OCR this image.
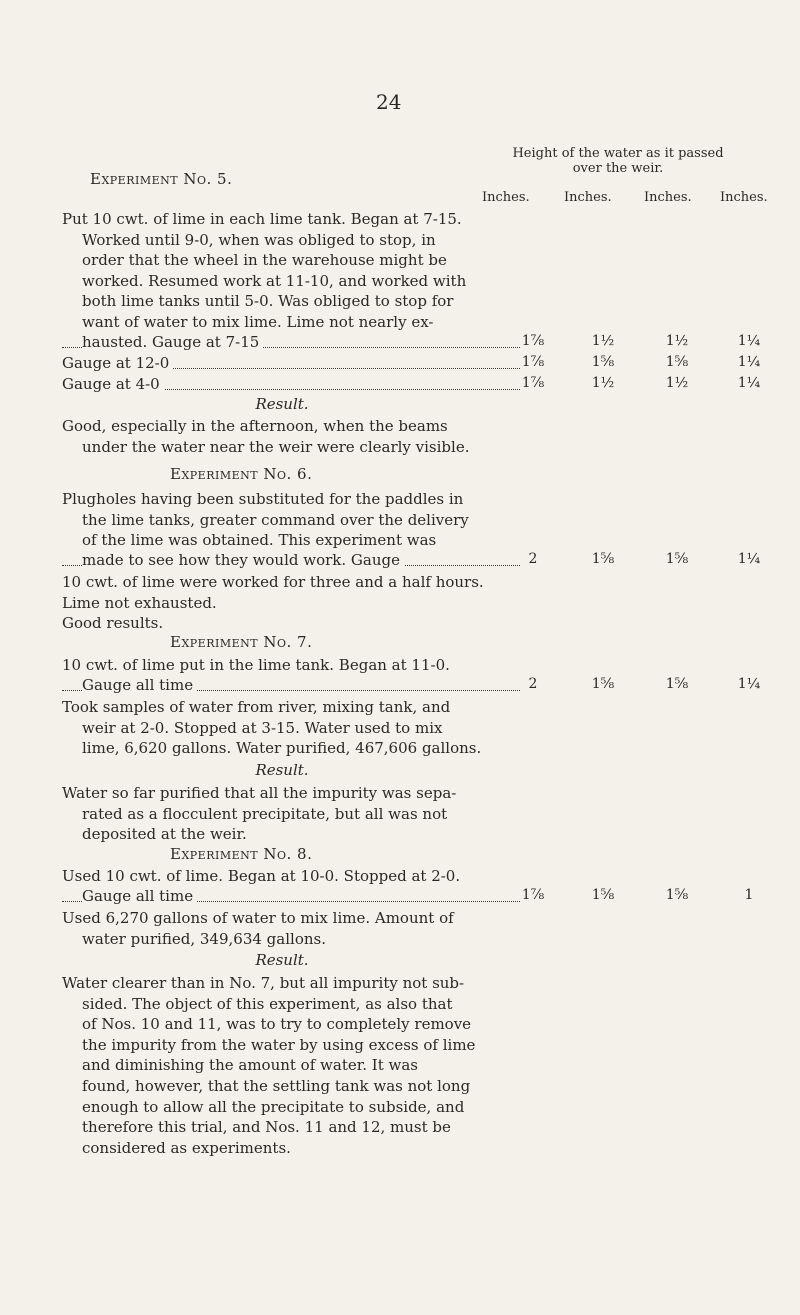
24
Height of the water as it passed
over the weir.
Experiment No. 5.
Inches.	Inches. Inches. Inches.
Put 10 cwt. of lime in each lime tank. Began at 7-15.
Worked until 9-0, when was obliged to stop, in
order that the wheel in the warehouse might be
worked. Resumed work at 11-10, and worked with
both lime tanks until 5-0. Was obliged to stop for
want of water to mix lime. Lime not nearly ex-
hausted. Gauge at 7-15	1⅞	1½	1½	1¼
Gauge at 12-0	1⅞	1⅝	1⅝	1¼
Gauge at 4-0	1⅞	1½	1½	1¼
Result.
Good, especially in the afternoon, when the beams
under the water near the weir were clearly visible.
Experiment No. 6.
Plugholes having been substituted for the paddles in
the lime tanks, greater command over the delivery
of the lime was obtained. This experiment was
made to see how they would work. Gauge	2	1⅝	1⅝	1¼
10 cwt. of lime were worked for three and a half hours.
Lime not exhausted.
Good results.
Experiment No. 7.
10 cwt. of lime put in the lime tank. Began at 11-0.
Gauge all time	2	1⅝	1⅝	1¼
Took samples of water from river, mixing tank, and
weir at 2-0. Stopped at 3-15. Water used to mix
lime, 6,620 gallons. Water purified, 467,606 gallons.
Result.
Water so far purified that all the impurity was sepa-
rated as a flocculent precipitate, but all was not
deposited at the weir.
Experiment No. 8.
Used 10 cwt. of lime. Began at 10-0. Stopped at 2-0.
Gauge all time	1⅞	1⅝	1⅝	1
Used 6,270 gallons of water to mix lime. Amount of
water purified, 349,634 gallons.
Result.
Water clearer than in No. 7, but all impurity not sub-
sided. The object of this experiment, as also that
of Nos. 10 and 11, was to try to completely remove
the impurity from the water by using excess of lime
and diminishing the amount of water. It was
found, however, that the settling tank was not long
enough to allow all the precipitate to subside, and
therefore this trial, and Nos. 11 and 12, must be
considered as experiments.
